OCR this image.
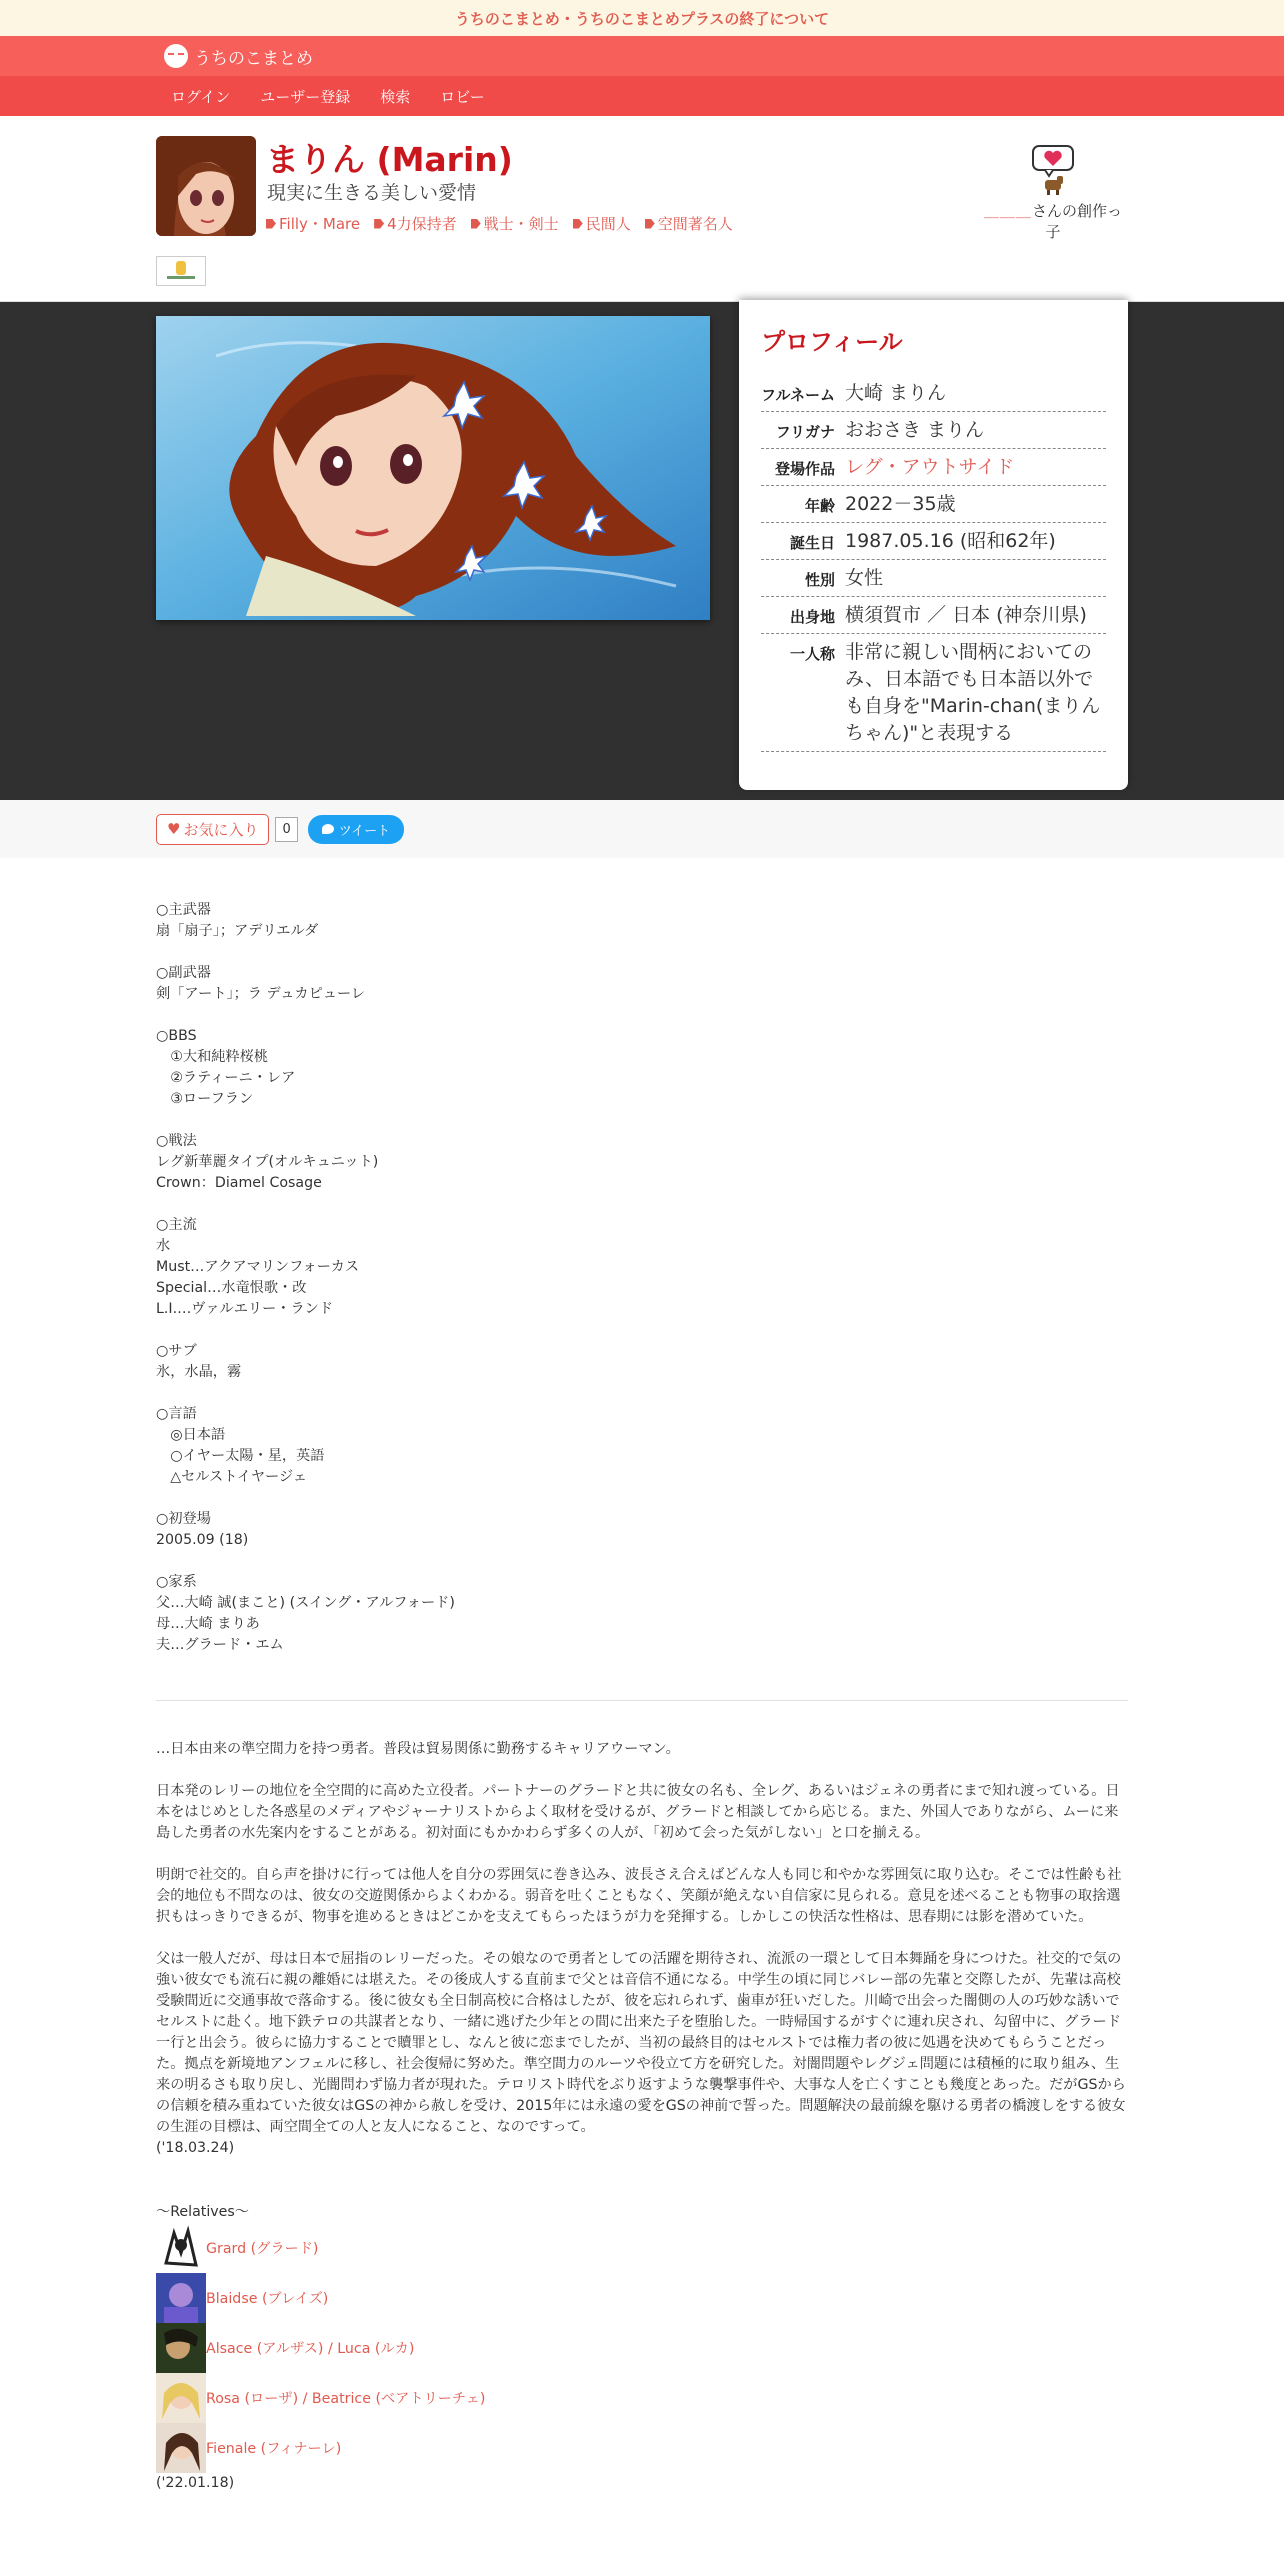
うちのこまとめ・うちのこまとめプラスの終了について
うちのこまとめ
ログイン ユーザー登録 検索 ロビー
まりん (Marin)
現実に生きる美しい愛情
Filly・Mare 4力保持者 戦士・剣士 民間人 空間著名人
＿＿＿さんの創作っ子
プロフィール
フルネーム 大崎 まりん
フリガナ おおさき まりん
登場作品 レグ・アウトサイド
年齢 2022－35歳
誕生日 1987.05.16 (昭和62年)
性別 女性
出身地 横須賀市 ／ 日本 (神奈川県)
一人称 非常に親しい間柄においてのみ、日本語でも日本語以外でも自身を"Marin-chan(まりんちゃん)"と表現する
♥ お気に入り	0	ツイート
○主武器
扇「扇子」；アデリエルダ

○副武器
剣「アート」；ラ デュカピューレ

○BBS
　①大和純粋桜桃
　②ラティーニ・レア
　③ローフラン

○戦法
レグ新華麗タイプ(オルキュニット)
Crown：Diamel Cosage

○主流
水
Must…アクアマリンフォーカス
Special…水竜恨歌・改
L.I.…ヴァルエリー・ランド

○サブ
氷，水晶，霧

○言語
　◎日本語
　○イヤー太陽・星，英語
　△セルストイヤージェ

○初登場
2005.09 (18)

○家系
父…大崎 誠(まこと) (スイング・アルフォード)
母…大崎 まりあ
夫…グラード・エム
…日本由来の準空間力を持つ勇者。普段は貿易関係に勤務するキャリアウーマン。

日本発のレリーの地位を全空間的に高めた立役者。パートナーのグラードと共に彼女の名も、全レグ、あるいはジェネの勇者にまで知れ渡っている。日本をはじめとした各惑星のメディアやジャーナリストからよく取材を受けるが、グラードと相談してから応じる。また、外国人でありながら、ムーに来島した勇者の水先案内をすることがある。初対面にもかかわらず多くの人が、「初めて会った気がしない」と口を揃える。

明朗で社交的。自ら声を掛けに行っては他人を自分の雰囲気に巻き込み、波長さえ合えばどんな人も同じ和やかな雰囲気に取り込む。そこでは性齢も社会的地位も不問なのは、彼女の交遊関係からよくわかる。弱音を吐くこともなく、笑顔が絶えない自信家に見られる。意見を述べることも物事の取捨選択もはっきりできるが、物事を進めるときはどこかを支えてもらったほうが力を発揮する。しかしこの快活な性格は、思春期には影を潜めていた。

父は一般人だが、母は日本で屈指のレリーだった。その娘なので勇者としての活躍を期待され、流派の一環として日本舞踊を身につけた。社交的で気の強い彼女でも流石に親の離婚には堪えた。その後成人する直前まで父とは音信不通になる。中学生の頃に同じバレー部の先輩と交際したが、先輩は高校受験間近に交通事故で落命する。後に彼女も全日制高校に合格はしたが、彼を忘れられず、歯車が狂いだした。川崎で出会った闇側の人の巧妙な誘いでセルストに赴く。地下鉄テロの共謀者となり、一緒に逃げた少年との間に出来た子を堕胎した。一時帰国するがすぐに連れ戻され、勾留中に、グラード一行と出会う。彼らに協力することで贖罪とし、なんと彼に恋までしたが、当初の最終目的はセルストでは権力者の彼に処遇を決めてもらうことだった。拠点を新境地アンフェルに移し、社会復帰に努めた。準空間力のルーツや役立て方を研究した。対闇問題やレグジェ問題には積極的に取り組み、生来の明るさも取り戻し、光闇問わず協力者が現れた。テロリスト時代をぶり返すような襲撃事件や、大事な人を亡くすことも幾度とあった。だがGSからの信頼を積み重ねていた彼女はGSの神から赦しを受け、2015年には永遠の愛をGSの神前で誓った。問題解決の最前線を駆ける勇者の橋渡しをする彼女の生涯の目標は、両空間全ての人と友人になること、なのですって。
('18.03.24)
～Relatives～
Grard (グラード)
Blaidse (ブレイズ)
Alsace (アルザス) / Luca (ルカ)
Rosa (ローザ) / Beatrice (ベアトリーチェ)
Fienale (フィナーレ)
('22.01.18)
